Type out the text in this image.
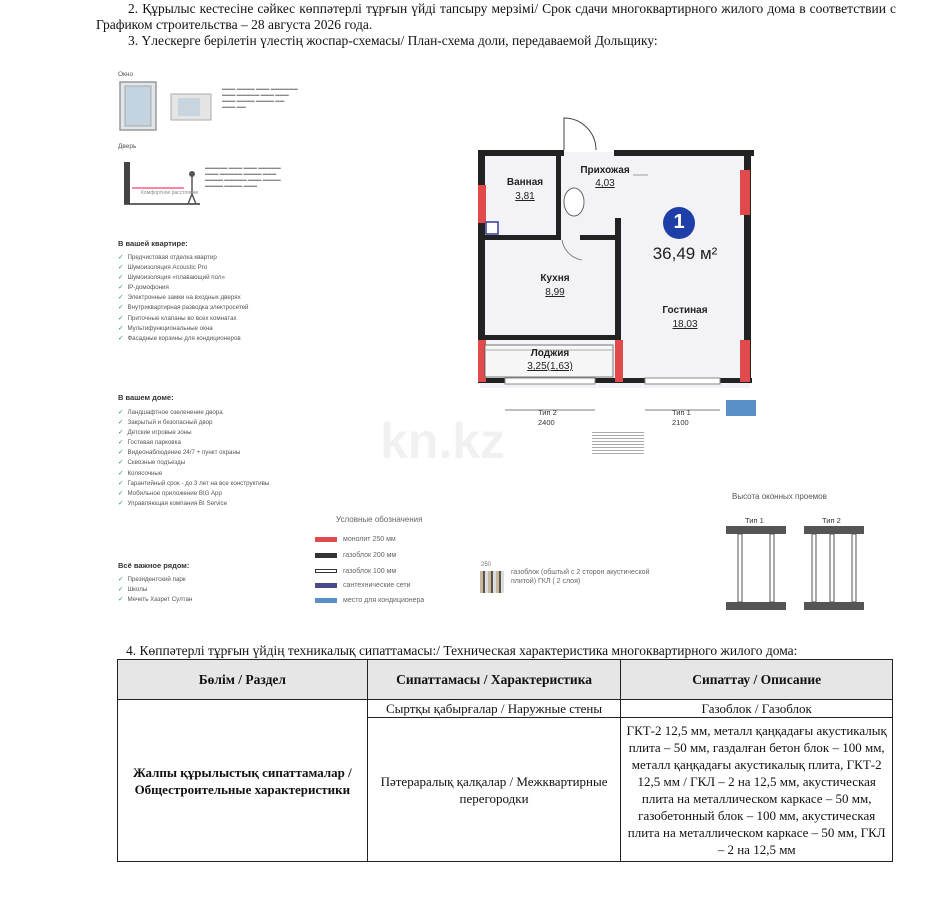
2. Құрылыс кестесіне сәйкес көппәтерлі тұрғын үйді тапсыру мерзімі/ Срок сдачи многоквартирного жилого дома в соответствии с Графиком строительства – 28 августа 2026 года.
3. Үлескерге берілетін үлестің жоспар-схемасы/ План-схема доли, передаваемой Дольщику:
Окно
▬▬▬ ▬▬▬▬ ▬▬▬ ▬▬▬▬▬▬
▬▬▬ ▬▬▬▬▬ ▬▬▬ ▬▬▬
▬▬▬ ▬▬▬▬ ▬▬▬▬ ▬▬
▬▬▬ ▬▬
Дверь
Комфортное расстояние
▬▬▬▬▬ ▬▬▬ ▬▬▬ ▬▬▬▬▬
▬▬▬ ▬▬▬▬▬ ▬▬▬▬ ▬▬▬
▬▬▬▬ ▬▬▬▬▬ ▬▬▬ ▬▬▬▬
▬▬▬▬ ▬▬▬▬ ▬▬▬
В вашей квартире:
✓ Предчистовая отделка квартир
✓ Шумоизоляция Acoustic Pro
✓ Шумоизоляция «плавающий пол»
✓ IP-домофония
✓ Электронные замки на входных дверях
✓ Внутриквартирная разводка электросетей
✓ Приточные клапаны во всех комнатах
✓ Мультифункциональные окна
✓ Фасадные корзины для кондиционеров
В вашем доме:
✓ Ландшафтное озеленение двора
✓ Закрытый и безопасный двор
✓ Детские игровые зоны
✓ Гостевая парковка
✓ Видеонаблюдение 24/7 + пункт охраны
✓ Сквозные подъезды
✓ Колясочные
✓ Гарантийный срок - до 3 лет на все конструктивы
✓ Мобильное приложение BIG App
✓ Управляющая компания BI Service
Всё важное рядом:
✓ Президентский парк
✓ Школы
✓ Мечеть Хазрет Султан
Условные обозначения
монолит 250 мм
газоблок 200 мм
газоблок 100 мм
сантехнические сети
место для кондиционера
250
газоблок (обштый с 2 сторон акустической плитой) ГКЛ ( 2 слоя)
Ванная
3,81
Прихожая
4,03
Кухня
8,99
Гостиная
18,03
Лоджия
3,25(1,63)
1
36,49 м²
Тип 2
2400
Тип 1
2100
Высота оконных проемов
Тип 1	Тип 2
kn.kz
4. Көппәтерлі тұрғын үйдің техникалық сипаттамасы:/ Техническая характеристика многоквартирного жилого дома:
Бөлім / Раздел	Сипаттамасы / Характеристика	Сипаттау / Описание
Жалпы құрылыстық сипаттамалар / Общестроительные характеристики	Сыртқы қабырғалар / Наружные стены	Газоблок / Газоблок
	Пәтераралық қалқалар / Межквартирные перегородки	ГКТ-2 12,5 мм, металл қаңқадағы акустикалық плита – 50 мм, газдалған бетон блок – 100 мм, металл қаңқадағы акустикалық плита, ГКТ-2 12,5 мм / ГКЛ – 2 на 12,5 мм, акустическая плита на металлическом каркасе – 50 мм, газобетонный блок – 100 мм, акустическая плита на металлическом каркасе – 50 мм, ГКЛ – 2 на 12,5 мм
